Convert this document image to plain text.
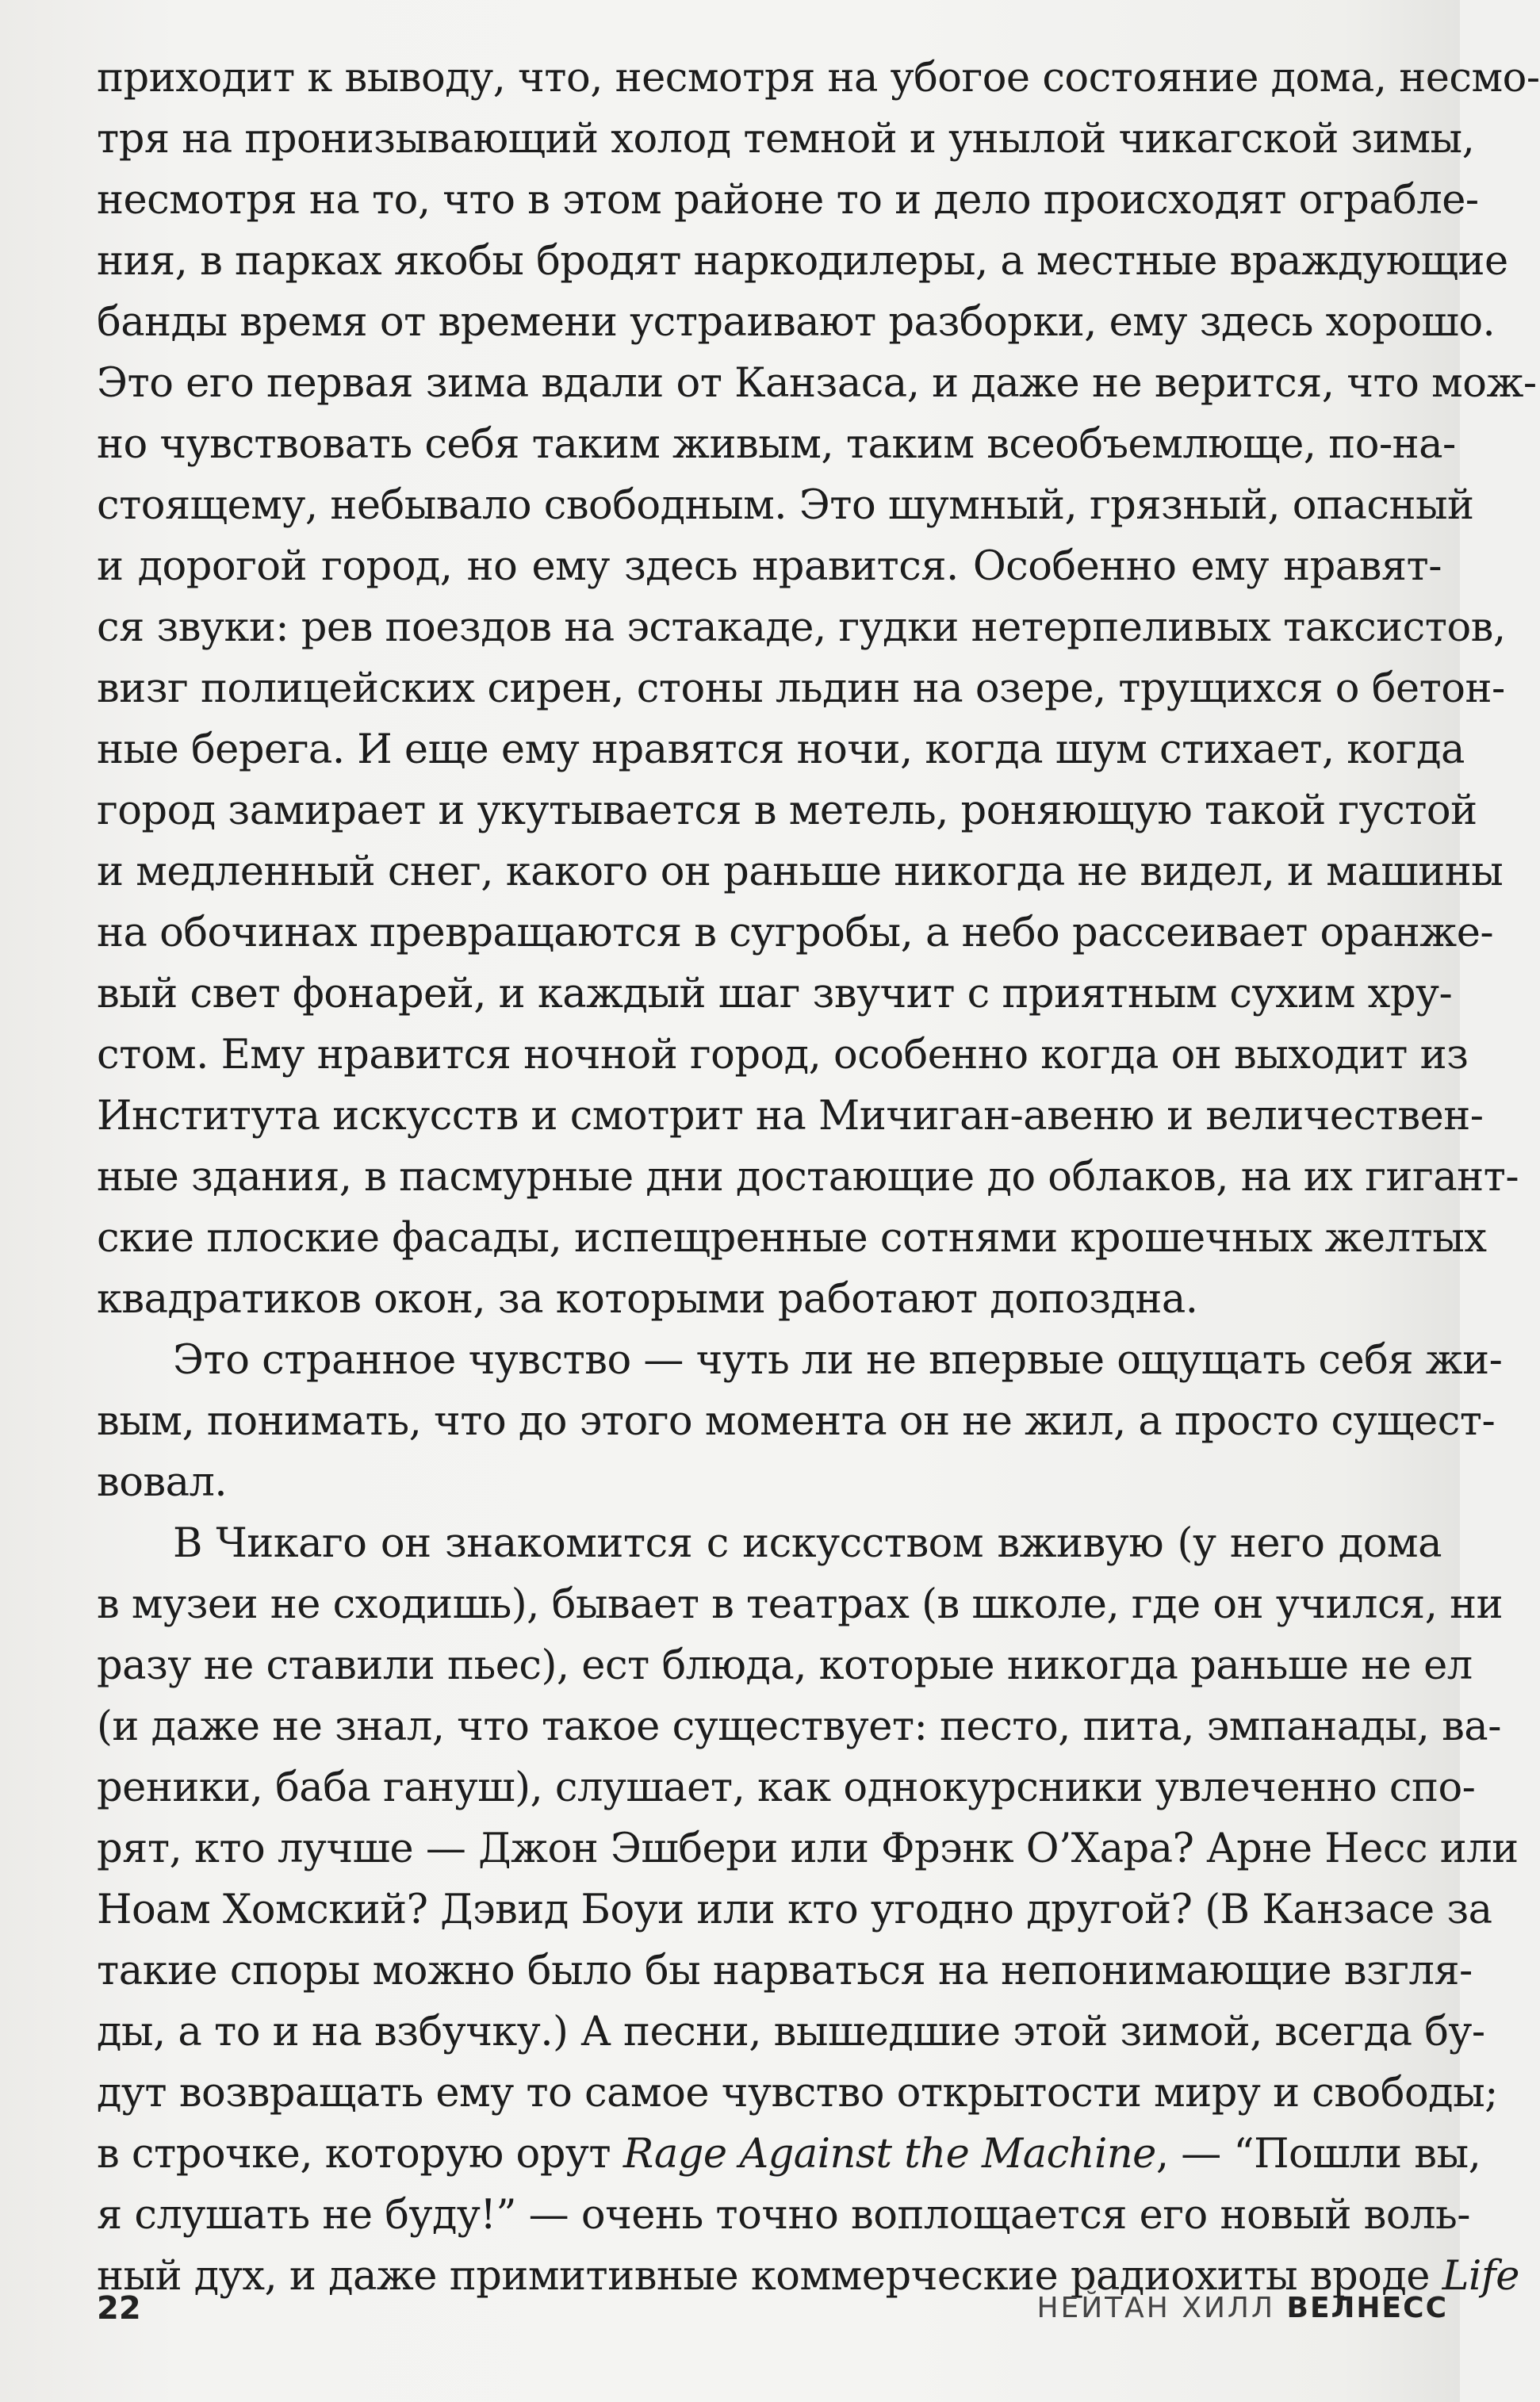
приходит к выводу, что, несмотря на убогое состояние дома, несмо-
тря на пронизывающий холод темной и унылой чикагской зимы,
несмотря на то, что в этом районе то и дело происходят ограбле-
ния, в парках якобы бродят наркодилеры, а местные враждующие
банды время от времени устраивают разборки, ему здесь хорошо.
Это его первая зима вдали от Канзаса, и даже не верится, что мож-
но чувствовать себя таким живым, таким всеобъемлюще, по-на-
стоящему, небывало свободным. Это шумный, грязный, опасный
и дорогой город, но ему здесь нравится. Особенно ему нравят-
ся звуки: рев поездов на эстакаде, гудки нетерпеливых таксистов,
визг полицейских сирен, стоны льдин на озере, трущихся о бетон-
ные берега. И еще ему нравятся ночи, когда шум стихает, когда
город замирает и укутывается в метель, роняющую такой густой
и медленный снег, какого он раньше никогда не видел, и машины
на обочинах превращаются в сугробы, а небо рассеивает оранже-
вый свет фонарей, и каждый шаг звучит с приятным сухим хру-
стом. Ему нравится ночной город, особенно когда он выходит из
Института искусств и смотрит на Мичиган-авеню и величествен-
ные здания, в пасмурные дни достающие до облаков, на их гигант-
ские плоские фасады, испещренные сотнями крошечных желтых
квадратиков окон, за которыми работают допоздна.
Это странное чувство — чуть ли не впервые ощущать себя жи-
вым, понимать, что до этого момента он не жил, а просто сущест-
вовал.
В Чикаго он знакомится с искусством вживую (у него дома
в музеи не сходишь), бывает в театрах (в школе, где он учился, ни
разу не ставили пьес), ест блюда, которые никогда раньше не ел
(и даже не знал, что такое существует: песто, пита, эмпанады, ва-
реники, баба гануш), слушает, как однокурсники увлеченно спо-
рят, кто лучше — Джон Эшбери или Фрэнк О’Хара? Арне Несс или
Ноам Хомский? Дэвид Боуи или кто угодно другой? (В Канзасе за
такие споры можно было бы нарваться на непонимающие взгля-
ды, а то и на взбучку.) А песни, вышедшие этой зимой, всегда бу-
дут возвращать ему то самое чувство открытости миру и свободы;
в строчке, которую орут Rage Against the Machine, — “Пошли вы,
я слушать не буду!” — очень точно воплощается его новый воль-
ный дух, и даже примитивные коммерческие радиохиты вроде Life
22	НЕЙТАН ХИЛЛ ВЕЛНЕСС
